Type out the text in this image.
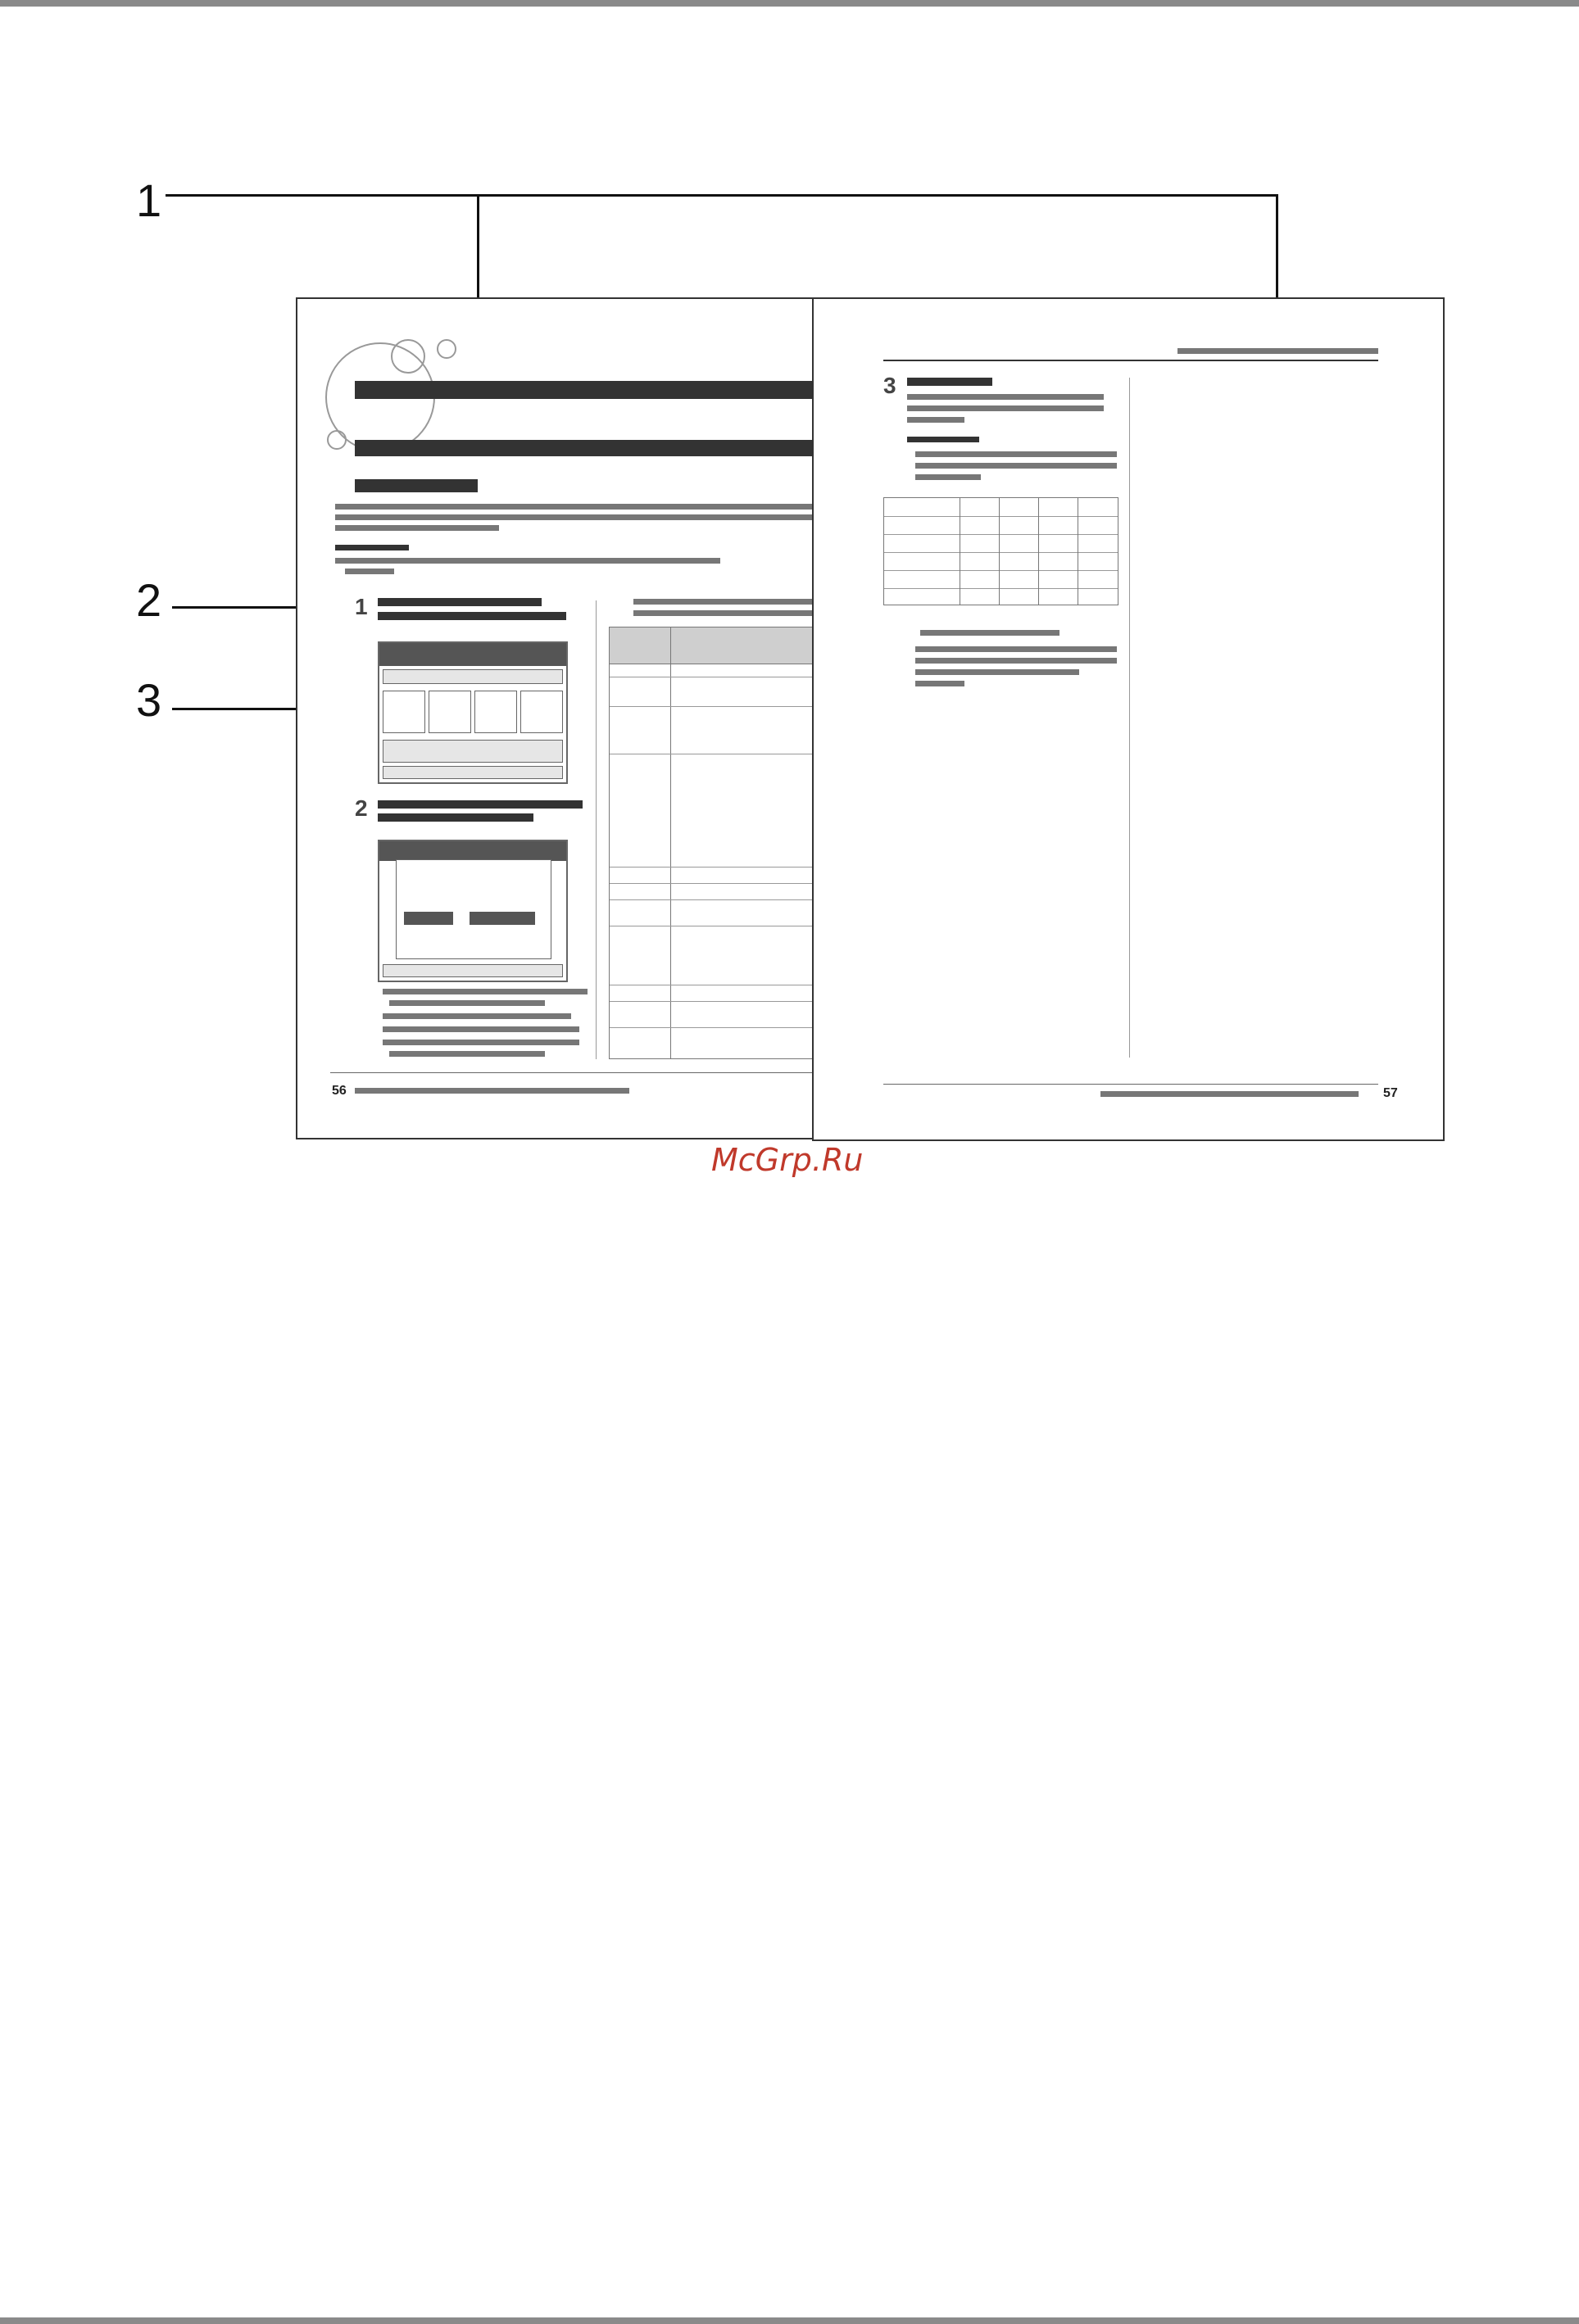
1
2
3
1
2
56
3
57
McGrp.Ru
